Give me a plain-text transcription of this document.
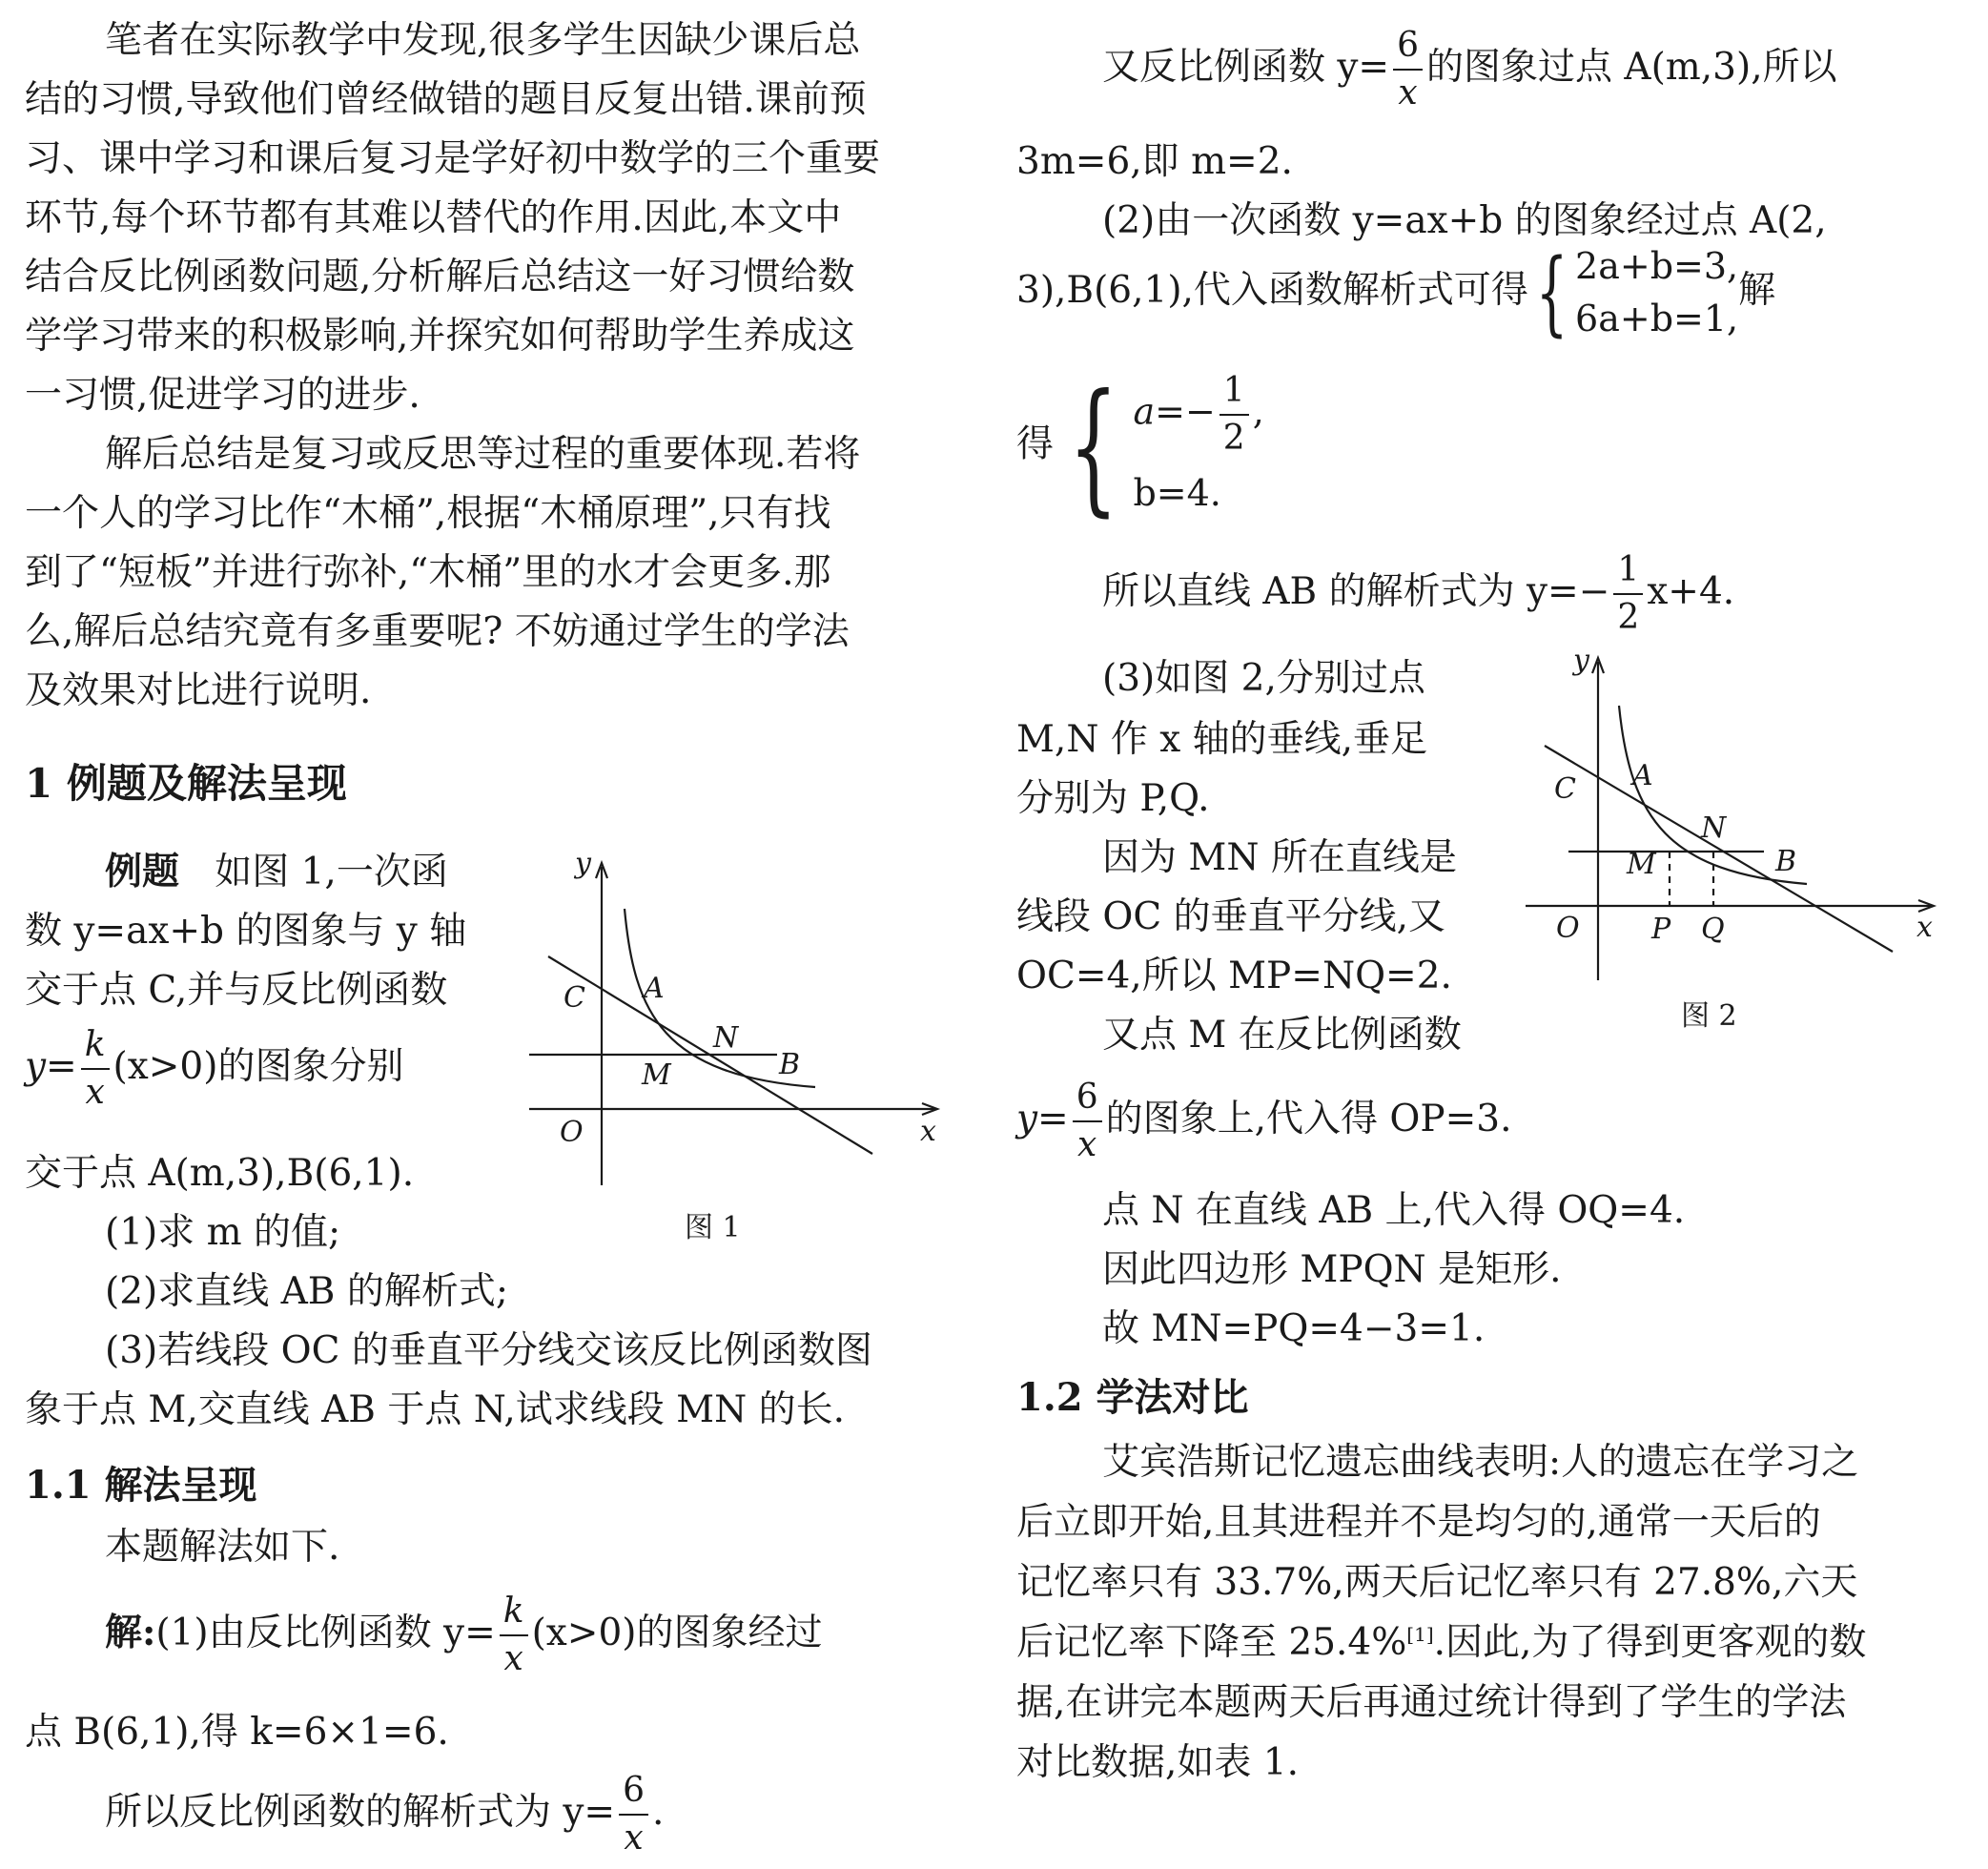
笔者在实际教学中发现,很多学生因缺少课后总
结的习惯,导致他们曾经做错的题目反复出错.课前预
习、课中学习和课后复习是学好初中数学的三个重要
环节,每个环节都有其难以替代的作用.因此,本文中
结合反比例函数问题,分析解后总结这一好习惯给数
学学习带来的积极影响,并探究如何帮助学生养成这
一习惯,促进学习的进步.
解后总结是复习或反思等过程的重要体现.若将
一个人的学习比作“木桶”,根据“木桶原理”,只有找
到了“短板”并进行弥补,“木桶”里的水才会更多.那
么,解后总结究竟有多重要呢? 不妨通过学生的学法
及效果对比进行说明.
1 例题及解法呈现
例题 如图 1,一次函
数 y=ax+b 的图象与 y 轴
交于点 C,并与反比例函数
$y= \frac{k}{x} (x>0)$的图象分别
交于点 A(m,3),B(6,1).
(1)求 m 的值;
(2)求直线 AB 的解析式;
(3)若线段 OC 的垂直平分线交该反比例函数图
象于点 M,交直线 AB 于点 N,试求线段 MN 的长.
1.1 解法呈现
本题解法如下.
解:(1)由反比例函数 $y= \frac{k}{x} (x>0)$的图象经过
点 B(6,1),得 k=6×1=6.
所以反比例函数的解析式为 $y= \frac{6}{x}$ .
y
x
O
C A
N
B
M
图 1
又反比例函数 $y= \frac{6}{x}$ 的图象过点 A(m,3),所以
3m=6,即 m=2.
(2)由一次函数 y=ax+b 的图象经过点 A(2,
3),B(6,1),代入函数解析式可得{ 2a+b=3,
6a+b=1,
解
得 { $a=- \frac{1}{2}$ ,
b=4.
所以直线 AB 的解析式为 $y=- \frac{1}{2} x+4$.
(3)如图 2,分别过点
M,N 作 x 轴的垂线,垂足
分别为 P,Q.
因为 MN 所在直线是
线段 OC 的垂直平分线,又
OC=4,所以 MP=NQ=2.
又点 M 在反比例函数
$y= \frac{6}{x}$ 的图象上,代入得 OP=3.
点 N 在直线 AB 上,代入得 OQ=4.
因此四边形 MPQN 是矩形.
故 MN=PQ=4−3=1.
1.2 学法对比
艾宾浩斯记忆遗忘曲线表明:人的遗忘在学习之
后立即开始,且其进程并不是均匀的,通常一天后的
记忆率只有 33.7%,两天后记忆率只有 27.8%,六天
后记忆率下降至 25.4%[1].因此,为了得到更客观的数
据,在讲完本题两天后再通过统计得到了学生的学法
对比数据,如表 1.
y
x
O
C A
N
B
M
P Q
图 2
